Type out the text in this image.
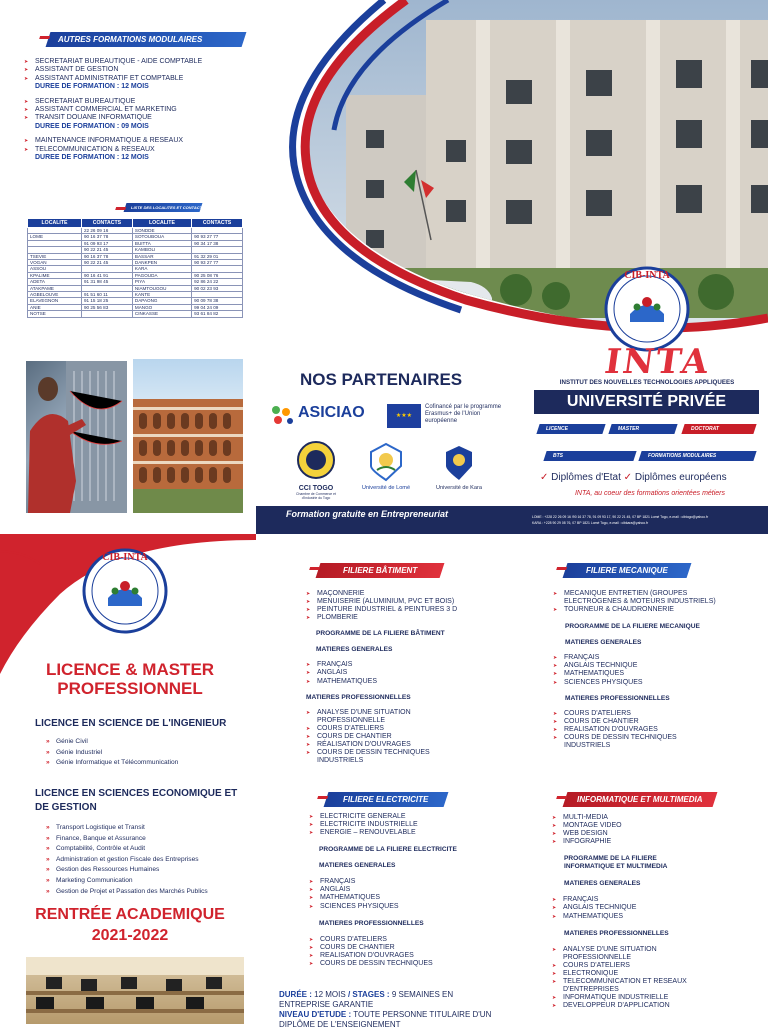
AUTRES FORMATIONS MODULAIRES
➤ SECRETARIAT BUREAUTIQUE - AIDE COMPTABLE
➤ ASSISTANT DE GESTION
➤ ASSISTANT ADMINISTRATIF ET COMPTABLE
DUREE DE FORMATION : 12 MOIS
➤ SECRETARIAT BUREAUTIQUE
➤ ASSISTANT COMMERCIAL ET MARKETING
➤ TRANSIT DOUANE INFORMATIQUE
DUREE DE FORMATION : 09 MOIS
➤ MAINTENANCE INFORMATIQUE & RESEAUX
➤ TELECOMMUNICATION & RESEAUX
DUREE DE FORMATION : 12 MOIS
LISTE DES LOCALITES ET CONTACTS
LOCALITE	CONTACTS	LOCALITE	CONTACTS
	22 26 09 16	SONDDE	
LOME	90 16 37 78	SOTOUBOUA	90 93 27 77
	91 09 93 17	BUITTA	90 34 17 38
	90 22 21 45	KAMBOLI	
TSEVIE	90 16 37 78	BASSAR	91 32 29 01
VOGAN	90 22 21 45	DANKPEN	90 93 27 77
ASSOU		KARA	
KPALIME	90 16 41 91	PAGOUDA	90 25 08 76
ADETA	91 31 98 45	PIYA	92 86 24 22
ATAKPAME		NIAMTOUGOU	90 02 23 93
AGBELOUVE	91 51 60 11	KANTE	
ELAVEGNON	91 15 18 25	DAPAONG	90 09 78 38
ANIE	90 25 56 83	MANGO	99 04 24 09
NOTSE		CINKASSE	93 61 84 82
CIB-INTA
INTA
INSTITUT DES NOUVELLES TECHNOLOGIES APPLIQUEES
UNIVERSITÉ PRIVÉE
LICENCE	MASTER	DOCTORAT
BTS	FORMATIONS MODULAIRES
✓ Diplômes d'Etat ✓ Diplômes européens
INTA, au coeur des formations orientées métiers
NOS PARTENAIRES
ASICIAO	★★★
Cofinancé par le programme Erasmus+ de l'Union européenne
CCI TOGO
Chambre de Commerce et d'Industrie du Togo
Université de Lomé	Université de Kara
Formation gratuite en Entrepreneuriat	LOME : +228 22 26 09 16 /90 16 37 78, 91 09 93 17, 90 22 21 45, 07 BP 1821 Lomé Togo, e-mail : cibtogo@yahoo.fr
KARA : +228 90 29 08 76, 07 BP 1821 Lomé Togo, e-mail : cibkara@yahoo.fr
CIB-INTA
LICENCE & MASTER PROFESSIONNEL
LICENCE EN SCIENCE DE L'INGENIEUR
» Génie Civil
» Génie Industriel
» Génie Informatique et Télécommunication
LICENCE EN SCIENCES ECONOMIQUE ET DE GESTION
» Transport Logistique et Transit
» Finance, Banque et Assurance
» Comptabilité, Contrôle et Audit
» Administration et gestion Fiscale des Entreprises
» Gestion des Ressources Humaines
» Marketing Communication
» Gestion de Projet et Passation des Marchés Publics
RENTRÉE ACADEMIQUE
2021-2022
FILIERE BÂTIMENT
➤ MAÇONNERIE
➤ MENUISERIE (ALUMINIUM, PVC ET BOIS)
➤ PEINTURE INDUSTRIEL & PEINTURES 3 D
➤ PLOMBERIE
PROGRAMME DE LA FILIERE BÂTIMENT
MATIERES GENERALES
➤ FRANÇAIS
➤ ANGLAIS
➤ MATHEMATIQUES
MATIERES PROFESSIONNELLES
➤ ANALYSE D'UNE SITUATION PROFESSIONNELLE
➤ COURS D'ATELIERS
➤ COURS DE CHANTIER
➤ RÉALISATION D'OUVRAGES
➤ COURS DE DESSIN TECHNIQUES INDUSTRIELS
FILIERE MECANIQUE
➤ MECANIQUE ENTRETIEN (GROUPES ELECTROGENES & MOTEURS INDUSTRIELS)
➤ TOURNEUR & CHAUDRONNERIE
PROGRAMME DE LA FILIERE MECANIQUE
MATIERES GENERALES
➤ FRANÇAIS
➤ ANGLAIS TECHNIQUE
➤ MATHEMATIQUES
➤ SCIENCES PHYSIQUES
MATIERES PROFESSIONNELLES
➤ COURS D'ATELIERS
➤ COURS DE CHANTIER
➤ REALISATION D'OUVRAGES
➤ COURS DE DESSIN TECHNIQUES INDUSTRIELS
FILIERE ELECTRICITE
➤ ELECTRICITE GENERALE
➤ ELECTRICITE INDUSTRIELLE
➤ ENERGIE – RENOUVELABLE
PROGRAMME DE LA FILIERE ELECTRICITE
MATIERES GENERALES
➤ FRANÇAIS
➤ ANGLAIS
➤ MATHEMATIQUES
➤ SCIENCES PHYSIQUES
MATIERES PROFESSIONNELLES
➤ COURS D'ATELIERS
➤ COURS DE CHANTIER
➤ REALISATION D'OUVRAGES
➤ COURS DE DESSIN TECHNIQUES
INFORMATIQUE ET MULTIMEDIA
➤ MULTI-MEDIA
➤ MONTAGE VIDEO
➤ WEB DESIGN
➤ INFOGRAPHIE
PROGRAMME DE LA FILIERE INFORMATIQUE ET MULTIMEDIA
MATIERES GENERALES
➤ FRANÇAIS
➤ ANGLAIS TECHNIQUE
➤ MATHEMATIQUES
MATIERES PROFESSIONNELLES
➤ ANALYSE D'UNE SITUATION PROFESSIONNELLE
➤ COURS D'ATELIERS
➤ ELECTRONIQUE
➤ TELECOMMUNICATION ET RESEAUX D'ENTREPRISES
➤ INFORMATIQUE INDUSTRIELLE
➤ DEVELOPPEUR D'APPLICATION
DURÉE : 12 MOIS / STAGES : 9 SEMAINES EN ENTREPRISE GARANTIE
NIVEAU D'ETUDE : TOUTE PERSONNE TITULAIRE D'UN DIPLÔME DE L'ENSEIGNEMENT
